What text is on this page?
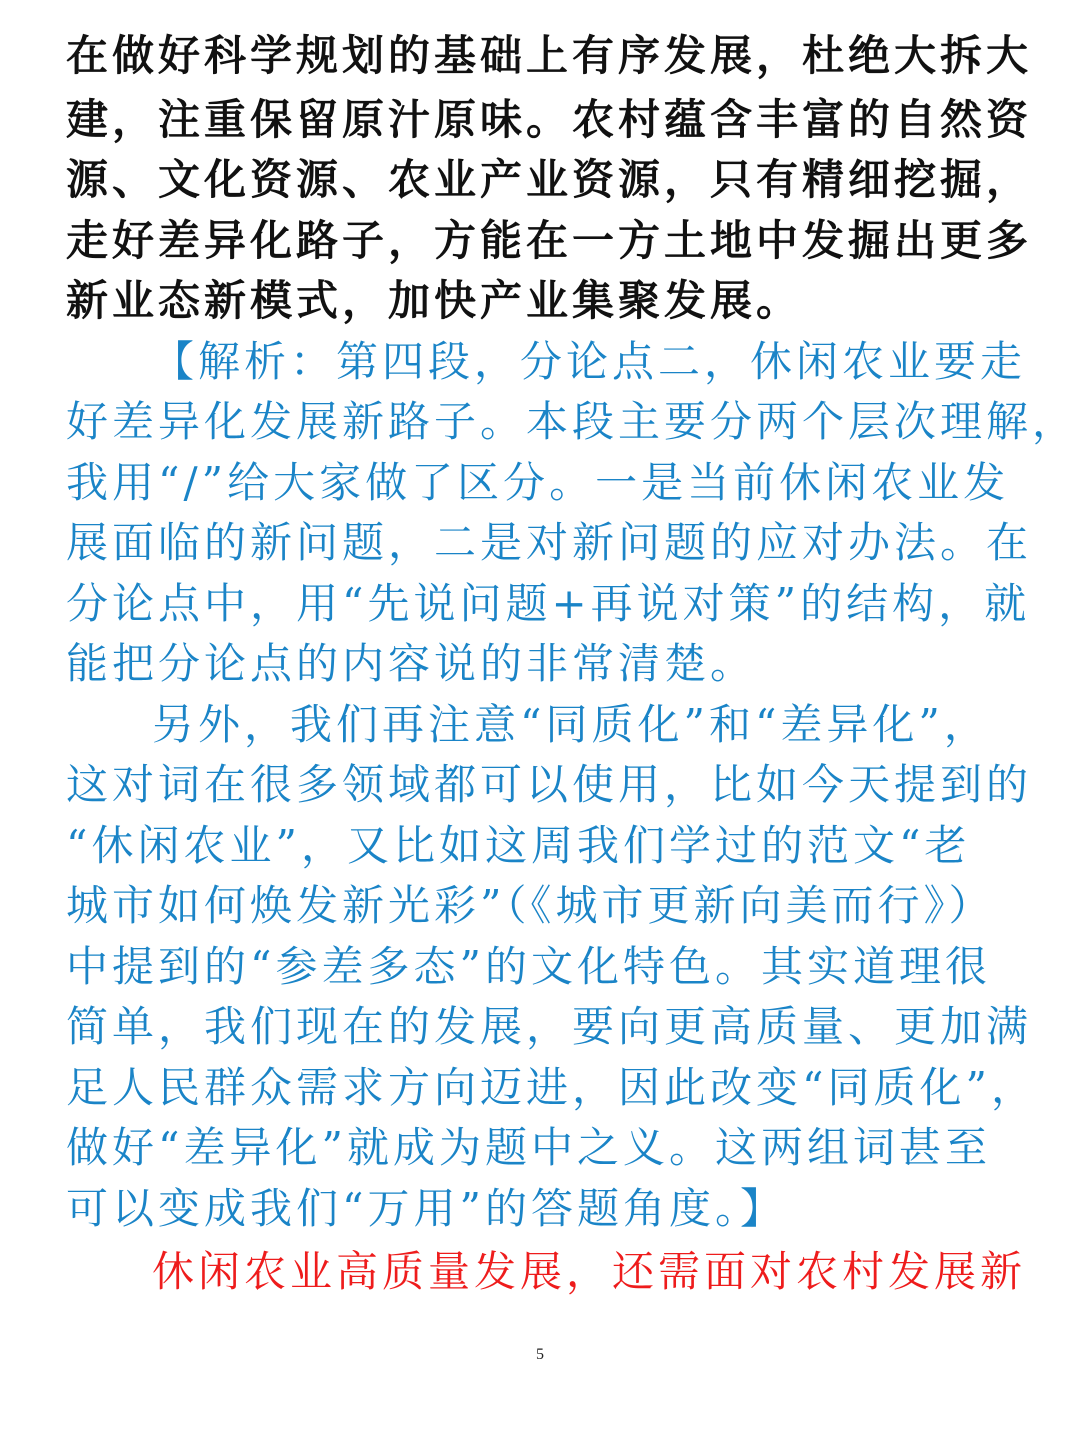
在做好科学规划的基础上有序发展，杜绝大拆大
建，注重保留原汁原味。农村蕴含丰富的自然资
源、文化资源、农业产业资源，只有精细挖掘，
走好差异化路子，方能在一方土地中发掘出更多
新业态新模式，加快产业集聚发展。
【解析：第四段，分论点二，休闲农业要走
好差异化发展新路子。本段主要分两个层次理解，
我用“/”给大家做了区分。一是当前休闲农业发
展面临的新问题，二是对新问题的应对办法。在
分论点中，用“先说问题+再说对策”的结构，就
能把分论点的内容说的非常清楚。
另外，我们再注意“同质化”和“差异化”，
这对词在很多领域都可以使用，比如今天提到的
“休闲农业”，又比如这周我们学过的范文“老
城市如何焕发新光彩”（《城市更新向美而行》）
中提到的“参差多态”的文化特色。其实道理很
简单，我们现在的发展，要向更高质量、更加满
足人民群众需求方向迈进，因此改变“同质化”，
做好“差异化”就成为题中之义。这两组词甚至
可以变成我们“万用”的答题角度。】
休闲农业高质量发展，还需面对农村发展新
5
